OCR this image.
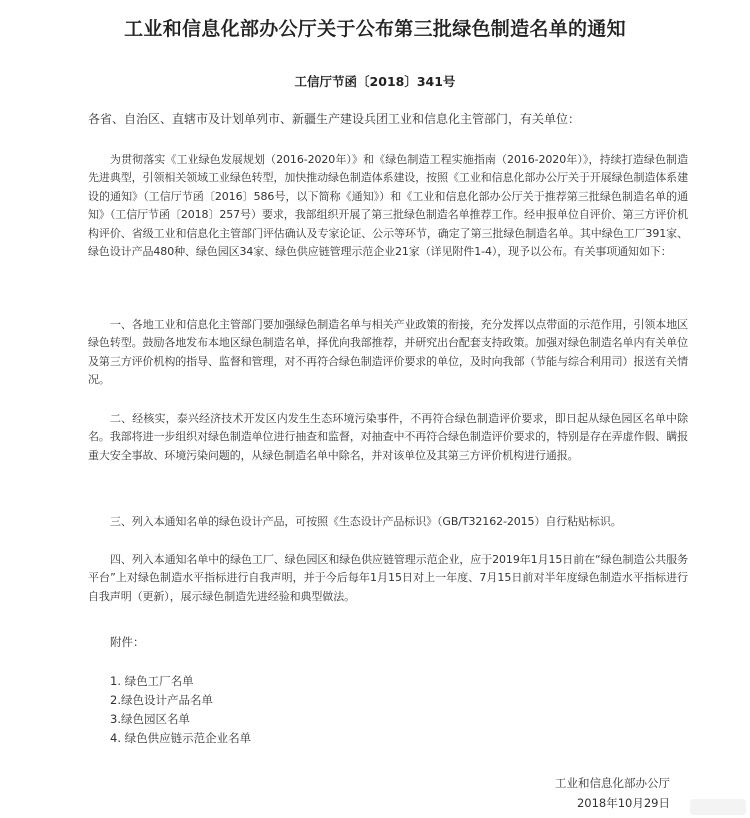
工业和信息化部办公厅关于公布第三批绿色制造名单的通知
工信厅节函〔2018〕341号
各省、自治区、直辖市及计划单列市、新疆生产建设兵团工业和信息化主管部门，有关单位：
为贯彻落实《工业绿色发展规划（2016-2020年）》和《绿色制造工程实施指南（2016-2020年）》，持续打造绿色制造先进典型，引领相关领域工业绿色转型，加快推动绿色制造体系建设，按照《工业和信息化部办公厅关于开展绿色制造体系建设的通知》（工信厅节函〔2016〕586号，以下简称《通知》）和《工业和信息化部办公厅关于推荐第三批绿色制造名单的通知》（工信厅节函〔2018〕257号）要求，我部组织开展了第三批绿色制造名单推荐工作。经申报单位自评价、第三方评价机构评价、省级工业和信息化主管部门评估确认及专家论证、公示等环节，确定了第三批绿色制造名单。其中绿色工厂391家、绿色设计产品480种、绿色园区34家、绿色供应链管理示范企业21家（详见附件1-4），现予以公布。有关事项通知如下：
一、各地工业和信息化主管部门要加强绿色制造名单与相关产业政策的衔接，充分发挥以点带面的示范作用，引领本地区绿色转型。鼓励各地发布本地区绿色制造名单，择优向我部推荐，并研究出台配套支持政策。加强对绿色制造名单内有关单位及第三方评价机构的指导、监督和管理，对不再符合绿色制造评价要求的单位，及时向我部（节能与综合利用司）报送有关情况。
二、经核实，泰兴经济技术开发区内发生生态环境污染事件，不再符合绿色制造评价要求，即日起从绿色园区名单中除名。我部将进一步组织对绿色制造单位进行抽查和监督，对抽查中不再符合绿色制造评价要求的，特别是存在弄虚作假、瞒报重大安全事故、环境污染问题的，从绿色制造名单中除名，并对该单位及其第三方评价机构进行通报。
三、列入本通知名单的绿色设计产品，可按照《生态设计产品标识》（GB/T32162-2015）自行粘贴标识。
四、列入本通知名单中的绿色工厂、绿色园区和绿色供应链管理示范企业，应于2019年1月15日前在“绿色制造公共服务平台”上对绿色制造水平指标进行自我声明，并于今后每年1月15日对上一年度、7月15日前对半年度绿色制造水平指标进行自我声明（更新），展示绿色制造先进经验和典型做法。
附件：
1. 绿色工厂名单
2.绿色设计产品名单
3.绿色园区名单
4. 绿色供应链示范企业名单
工业和信息化部办公厅
2018年10月29日
